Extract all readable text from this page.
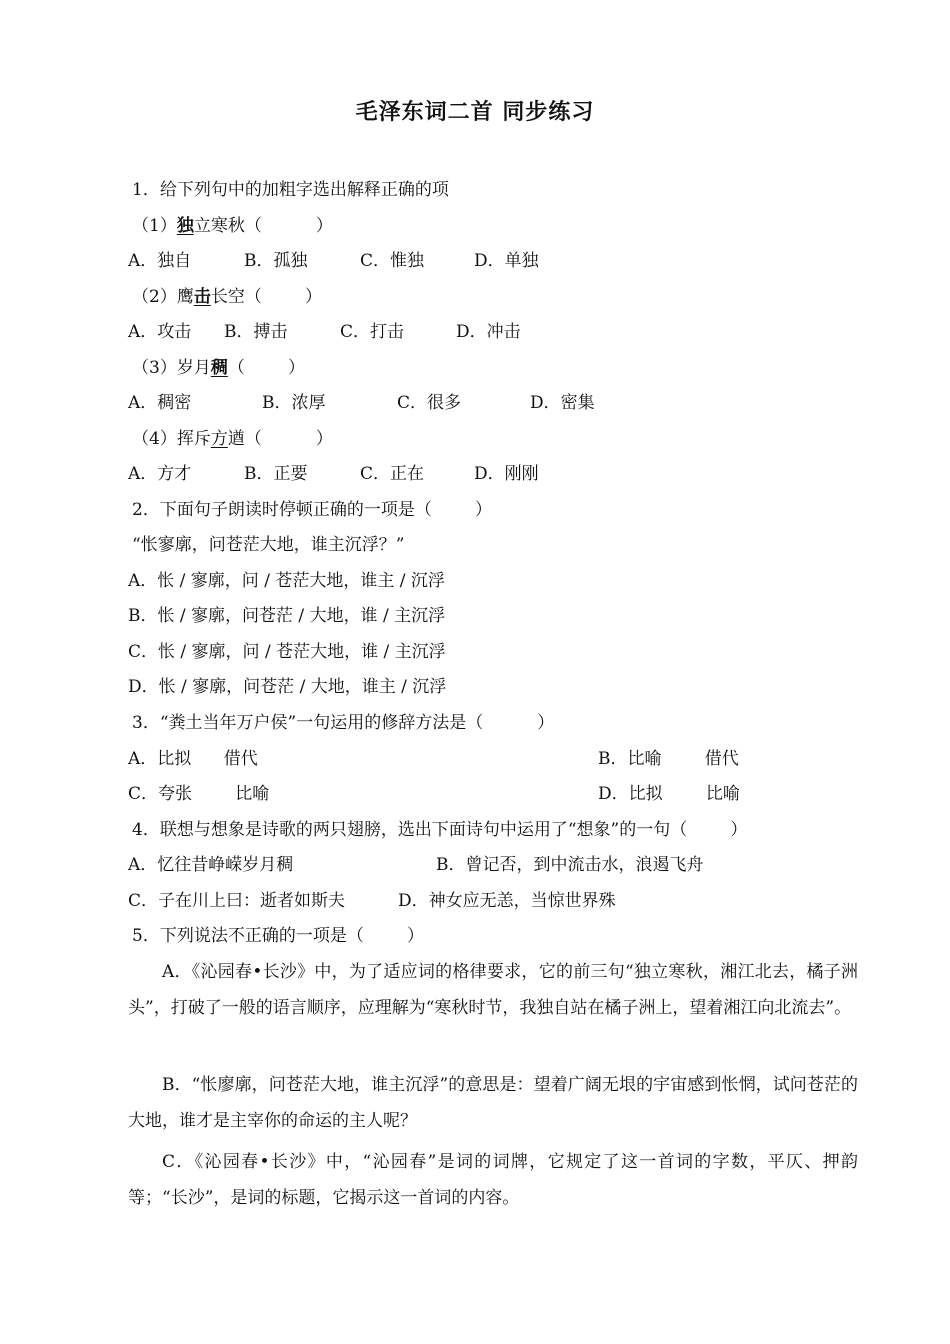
毛泽东词二首 同步练习
1．给下列句中的加粗字选出解释正确的项
（1）独立寒秋（          ）
A．独自	B．孤独	C．惟独	D．单独
（2）鹰击长空（        ）
A．攻击 B．搏击	C．打击	D．冲击
（3）岁月稠（        ）
A．稠密	B．浓厚	C．很多	D．密集
（4）挥斥方遒（          ）
A．方才	B．正要	C．正在	D．刚刚
2．下面句子朗读时停顿正确的一项是（        ）
“怅寥廓，问苍茫大地，谁主沉浮？”
A．怅 / 寥廓，问 / 苍茫大地，谁主 / 沉浮
B．怅 / 寥廓，问苍茫 / 大地，谁 / 主沉浮
C．怅 / 寥廓，问 / 苍茫大地，谁 / 主沉浮
D．怅 / 寥廓，问苍茫 / 大地，谁主 / 沉浮
3．“粪土当年万户侯”一句运用的修辞方法是（          ）
A．比拟      借代	B．比喻        借代
C．夸张        比喻	D．比拟        比喻
4．联想与想象是诗歌的两只翅膀，选出下面诗句中运用了“想象”的一句（        ）
A．忆往昔峥嵘岁月稠	B．曾记否，到中流击水，浪遏飞舟
C．子在川上曰：逝者如斯夫	D．神女应无恙，当惊世界殊
5．下列说法不正确的一项是（        ）
A．《沁园春•长沙》中，为了适应词的格律要求，它的前三句“独立寒秋，湘江北去，橘子洲头”，打破了一般的语言顺序，应理解为“寒秋时节，我独自站在橘子洲上，望着湘江向北流去”。
B．“怅廖廓，问苍茫大地，谁主沉浮”的意思是：望着广阔无垠的宇宙感到怅惘，试问苍茫的大地，谁才是主宰你的命运的主人呢？
C．《沁园春•长沙》中，“沁园春”是词的词牌，它规定了这一首词的字数，平仄、押韵等；“长沙”，是词的标题，它揭示这一首词的内容。
